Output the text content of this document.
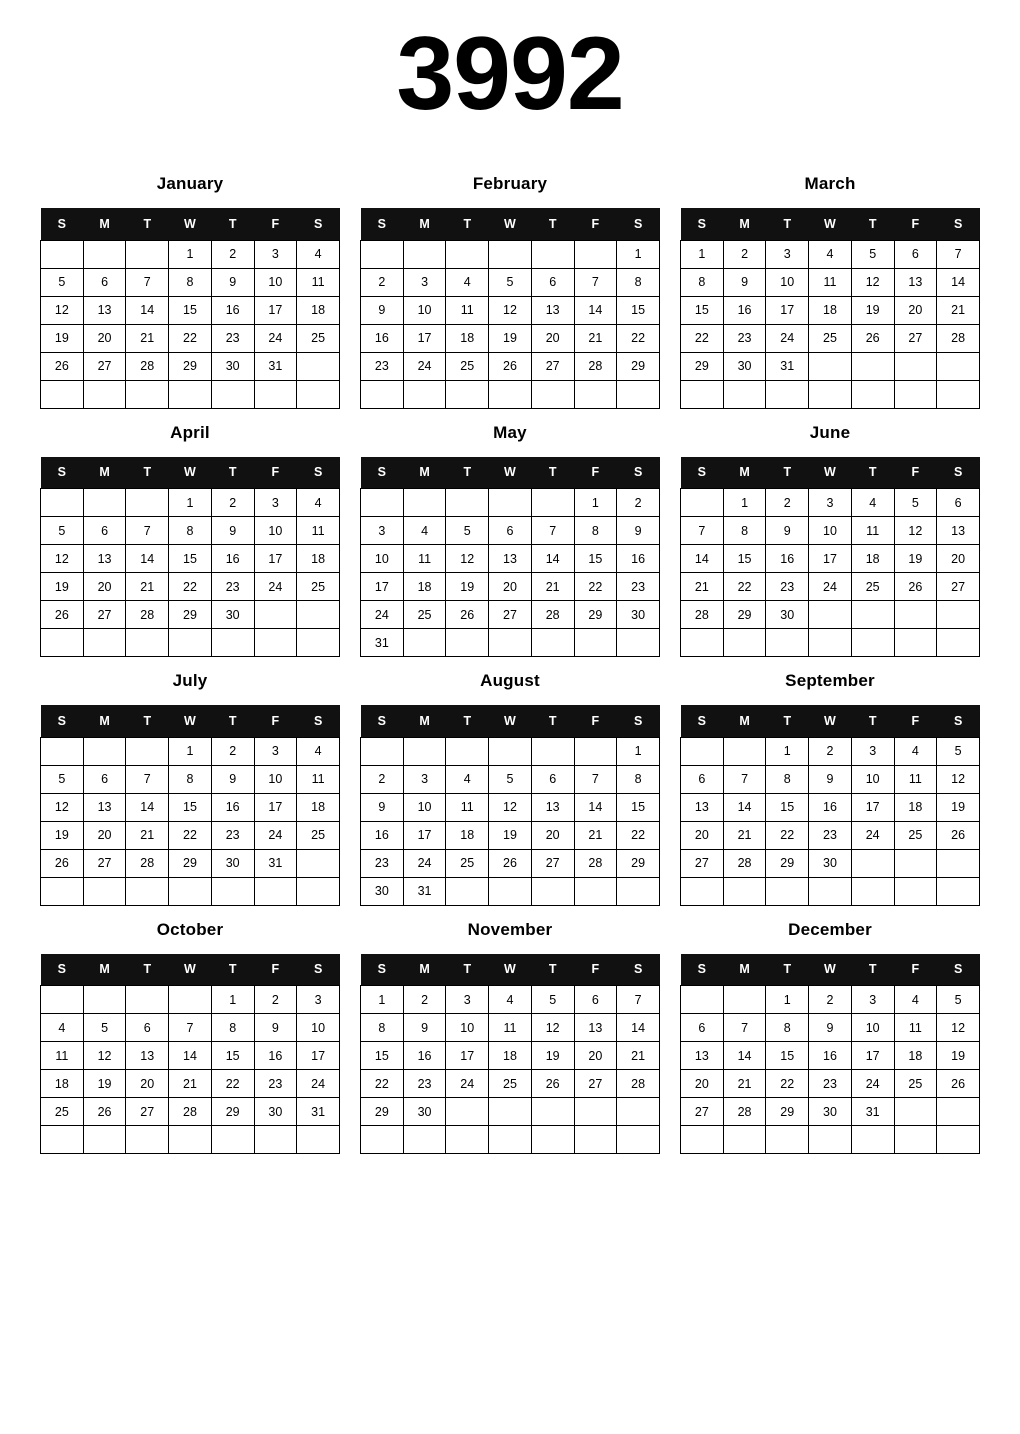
3992
January
S	M	T	W	T	F	S
			1	2	3	4
5	6	7	8	9	10	11
12	13	14	15	16	17	18
19	20	21	22	23	24	25
26	27	28	29	30	31	

February
S	M	T	W	T	F	S
						1
2	3	4	5	6	7	8
9	10	11	12	13	14	15
16	17	18	19	20	21	22
23	24	25	26	27	28	29

March
S	M	T	W	T	F	S
1	2	3	4	5	6	7
8	9	10	11	12	13	14
15	16	17	18	19	20	21
22	23	24	25	26	27	28
29	30	31				

April
S	M	T	W	T	F	S
			1	2	3	4
5	6	7	8	9	10	11
12	13	14	15	16	17	18
19	20	21	22	23	24	25
26	27	28	29	30		

May
S	M	T	W	T	F	S
					1	2
3	4	5	6	7	8	9
10	11	12	13	14	15	16
17	18	19	20	21	22	23
24	25	26	27	28	29	30
31						
June
S	M	T	W	T	F	S
	1	2	3	4	5	6
7	8	9	10	11	12	13
14	15	16	17	18	19	20
21	22	23	24	25	26	27
28	29	30				

July
S	M	T	W	T	F	S
			1	2	3	4
5	6	7	8	9	10	11
12	13	14	15	16	17	18
19	20	21	22	23	24	25
26	27	28	29	30	31	

August
S	M	T	W	T	F	S
						1
2	3	4	5	6	7	8
9	10	11	12	13	14	15
16	17	18	19	20	21	22
23	24	25	26	27	28	29
30	31					
September
S	M	T	W	T	F	S
		1	2	3	4	5
6	7	8	9	10	11	12
13	14	15	16	17	18	19
20	21	22	23	24	25	26
27	28	29	30			

October
S	M	T	W	T	F	S
				1	2	3
4	5	6	7	8	9	10
11	12	13	14	15	16	17
18	19	20	21	22	23	24
25	26	27	28	29	30	31

November
S	M	T	W	T	F	S
1	2	3	4	5	6	7
8	9	10	11	12	13	14
15	16	17	18	19	20	21
22	23	24	25	26	27	28
29	30					

December
S	M	T	W	T	F	S
		1	2	3	4	5
6	7	8	9	10	11	12
13	14	15	16	17	18	19
20	21	22	23	24	25	26
27	28	29	30	31		
